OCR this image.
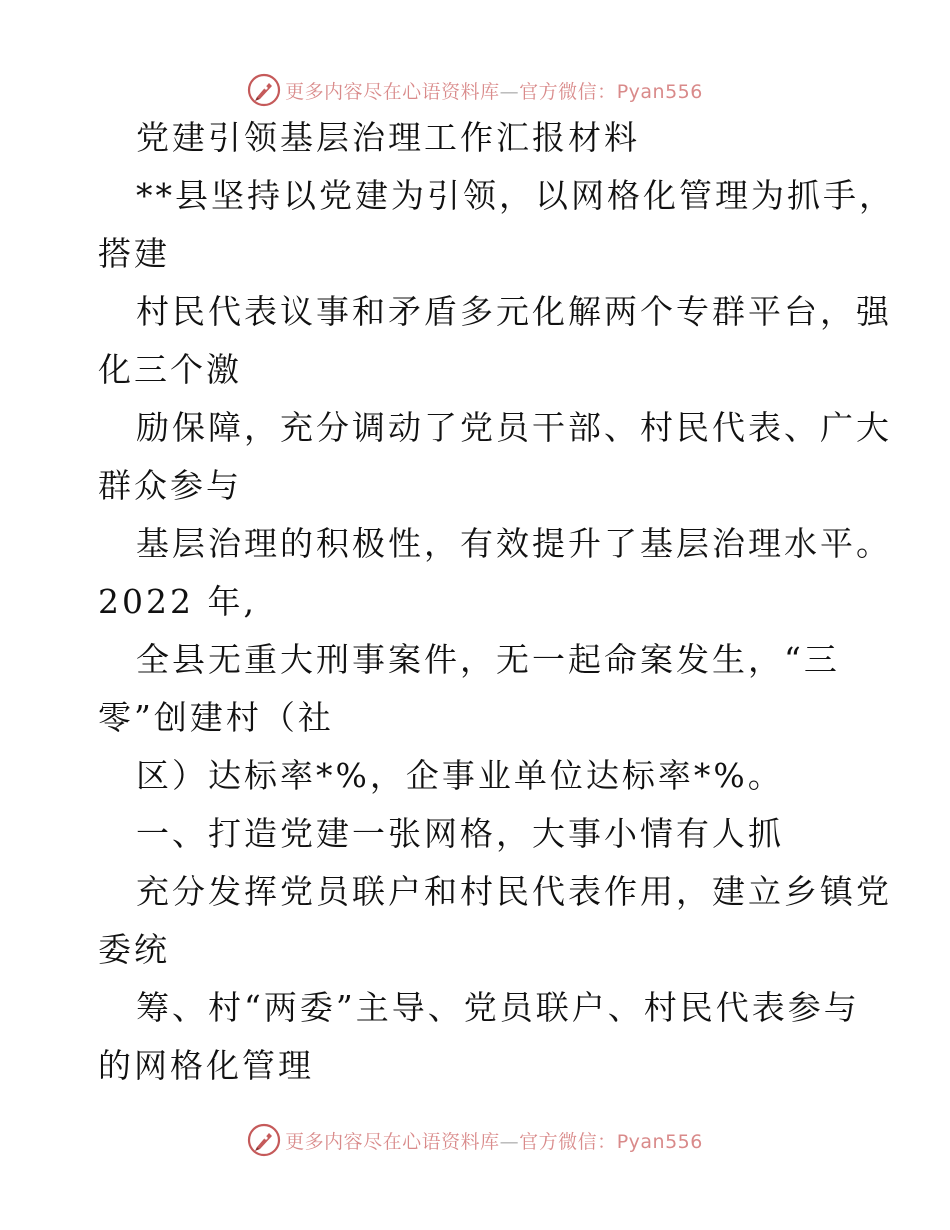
更多内容尽在心语资料库—官方微信：Pyan556
党建引领基层治理工作汇报材料
**县坚持以党建为引领，以网格化管理为抓手，
搭建
村民代表议事和矛盾多元化解两个专群平台，强
化三个激
励保障，充分调动了党员干部、村民代表、广大
群众参与
基层治理的积极性，有效提升了基层治理水平。
2022 年,
全县无重大刑事案件，无一起命案发生，“三
零”创建村（社
区）达标率*%，企事业单位达标率*%。
一、打造党建一张网格，大事小情有人抓
充分发挥党员联户和村民代表作用，建立乡镇党
委统
筹、村“两委”主导、党员联户、村民代表参与
的网格化管理
更多内容尽在心语资料库—官方微信：Pyan556
